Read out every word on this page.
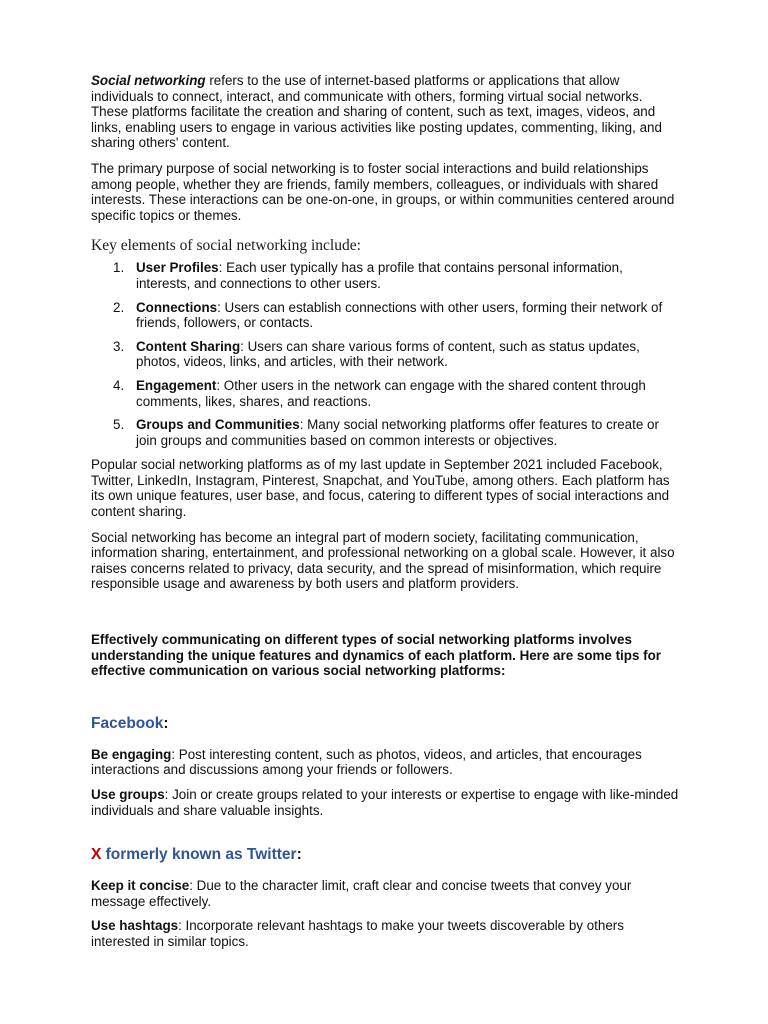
Social networking refers to the use of internet-based platforms or applications that allow individuals to connect, interact, and communicate with others, forming virtual social networks. These platforms facilitate the creation and sharing of content, such as text, images, videos, and links, enabling users to engage in various activities like posting updates, commenting, liking, and sharing others' content.

The primary purpose of social networking is to foster social interactions and build relationships among people, whether they are friends, family members, colleagues, or individuals with shared interests. These interactions can be one-on-one, in groups, or within communities centered around specific topics or themes.

Key elements of social networking include:
1. User Profiles: Each user typically has a profile that contains personal information, interests, and connections to other users.
2. Connections: Users can establish connections with other users, forming their network of friends, followers, or contacts.
3. Content Sharing: Users can share various forms of content, such as status updates, photos, videos, links, and articles, with their network.
4. Engagement: Other users in the network can engage with the shared content through comments, likes, shares, and reactions.
5. Groups and Communities: Many social networking platforms offer features to create or join groups and communities based on common interests or objectives.

Popular social networking platforms as of my last update in September 2021 included Facebook, Twitter, LinkedIn, Instagram, Pinterest, Snapchat, and YouTube, among others. Each platform has its own unique features, user base, and focus, catering to different types of social interactions and content sharing.

Social networking has become an integral part of modern society, facilitating communication, information sharing, entertainment, and professional networking on a global scale. However, it also raises concerns related to privacy, data security, and the spread of misinformation, which require responsible usage and awareness by both users and platform providers.

Effectively communicating on different types of social networking platforms involves understanding the unique features and dynamics of each platform. Here are some tips for effective communication on various social networking platforms:

Facebook:

Be engaging: Post interesting content, such as photos, videos, and articles, that encourages interactions and discussions among your friends or followers.

Use groups: Join or create groups related to your interests or expertise to engage with like-minded individuals and share valuable insights.

X formerly known as Twitter:

Keep it concise: Due to the character limit, craft clear and concise tweets that convey your message effectively.

Use hashtags: Incorporate relevant hashtags to make your tweets discoverable by others interested in similar topics.
